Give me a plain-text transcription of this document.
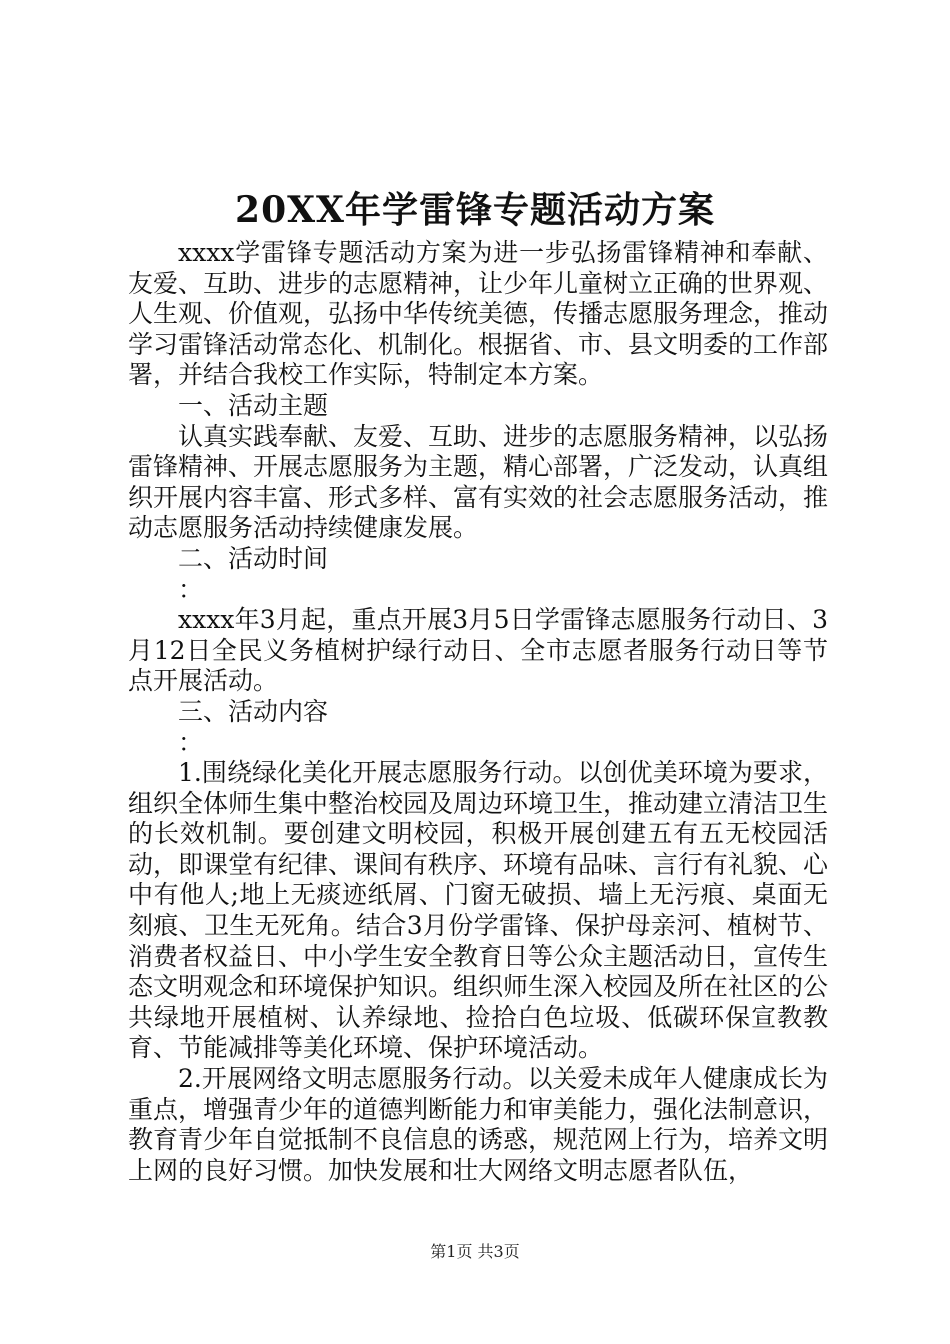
20XX年学雷锋专题活动方案

xxxx学雷锋专题活动方案为进一步弘扬雷锋精神和奉献、友爱、互助、进步的志愿精神，让少年儿童树立正确的世界观、人生观、价值观，弘扬中华传统美德，传播志愿服务理念，推动学习雷锋活动常态化、机制化。根据省、市、县文明委的工作部署，并结合我校工作实际，特制定本方案。

一、活动主题

认真实践奉献、友爱、互助、进步的志愿服务精神，以弘扬雷锋精神、开展志愿服务为主题，精心部署，广泛发动，认真组织开展内容丰富、形式多样、富有实效的社会志愿服务活动，推动志愿服务活动持续健康发展。

二、活动时间

：

xxxx年3月起，重点开展3月5日学雷锋志愿服务行动日、3月12日全民义务植树护绿行动日、全市志愿者服务行动日等节点开展活动。

三、活动内容

：

1.围绕绿化美化开展志愿服务行动。以创优美环境为要求，组织全体师生集中整治校园及周边环境卫生，推动建立清洁卫生的长效机制。要创建文明校园，积极开展创建五有五无校园活动，即课堂有纪律、课间有秩序、环境有品味、言行有礼貌、心中有他人;地上无痰迹纸屑、门窗无破损、墙上无污痕、桌面无刻痕、卫生无死角。结合3月份学雷锋、保护母亲河、植树节、消费者权益日、中小学生安全教育日等公众主题活动日，宣传生态文明观念和环境保护知识。组织师生深入校园及所在社区的公共绿地开展植树、认养绿地、捡拾白色垃圾、低碳环保宣教教育、节能减排等美化环境、保护环境活动。

2.开展网络文明志愿服务行动。以关爱未成年人健康成长为重点，增强青少年的道德判断能力和审美能力，强化法制意识，教育青少年自觉抵制不良信息的诱惑，规范网上行为，培养文明上网的良好习惯。加快发展和壮大网络文明志愿者队伍，

第1页 共3页
